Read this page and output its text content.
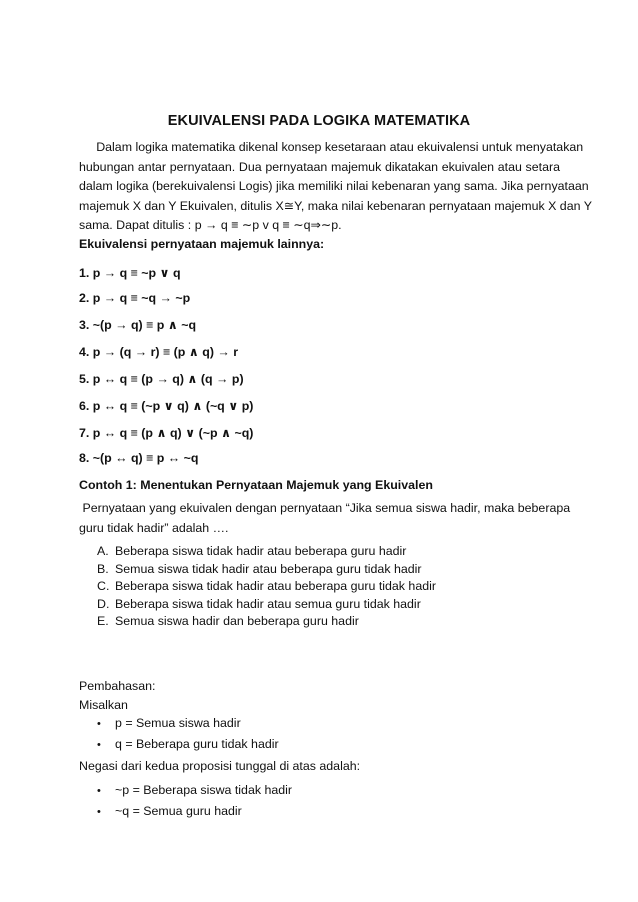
EKUIVALENSI PADA LOGIKA MATEMATIKA
Dalam logika matematika dikenal konsep kesetaraan atau ekuivalensi untuk menyatakan
hubungan antar pernyataan. Dua pernyataan majemuk dikatakan ekuivalen atau setara
dalam logika (berekuivalensi Logis) jika memiliki nilai kebenaran yang sama. Jika pernyataan
majemuk X dan Y Ekuivalen, ditulis X≅Y, maka nilai kebenaran pernyataan majemuk X dan Y
sama. Dapat ditulis : p → q ≡ ∼p v q ≡ ∼q⇒∼p.
Ekuivalensi pernyataan majemuk lainnya:
1. p → q ≡ ~p ∨ q
2. p → q ≡ ~q → ~p
3. ~(p → q) ≡ p ∧ ~q
4. p → (q → r) ≡ (p ∧ q) → r
5. p ↔ q ≡ (p → q) ∧ (q → p)
6. p ↔ q ≡ (~p ∨ q) ∧ (~q ∨ p)
7. p ↔ q ≡ (p ∧ q) ∨ (~p ∧ ~q)
8. ~(p ↔ q) ≡ p ↔ ~q
Contoh 1: Menentukan Pernyataan Majemuk yang Ekuivalen
Pernyataan yang ekuivalen dengan pernyataan “Jika semua siswa hadir, maka beberapa
guru tidak hadir” adalah ….
A. Beberapa siswa tidak hadir atau beberapa guru hadir
B. Semua siswa tidak hadir atau beberapa guru tidak hadir
C. Beberapa siswa tidak hadir atau beberapa guru tidak hadir
D. Beberapa siswa tidak hadir atau semua guru tidak hadir
E. Semua siswa hadir dan beberapa guru hadir
Pembahasan:
Misalkan
• p = Semua siswa hadir
• q = Beberapa guru tidak hadir
Negasi dari kedua proposisi tunggal di atas adalah:
• ~p = Beberapa siswa tidak hadir
• ~q = Semua guru hadir
